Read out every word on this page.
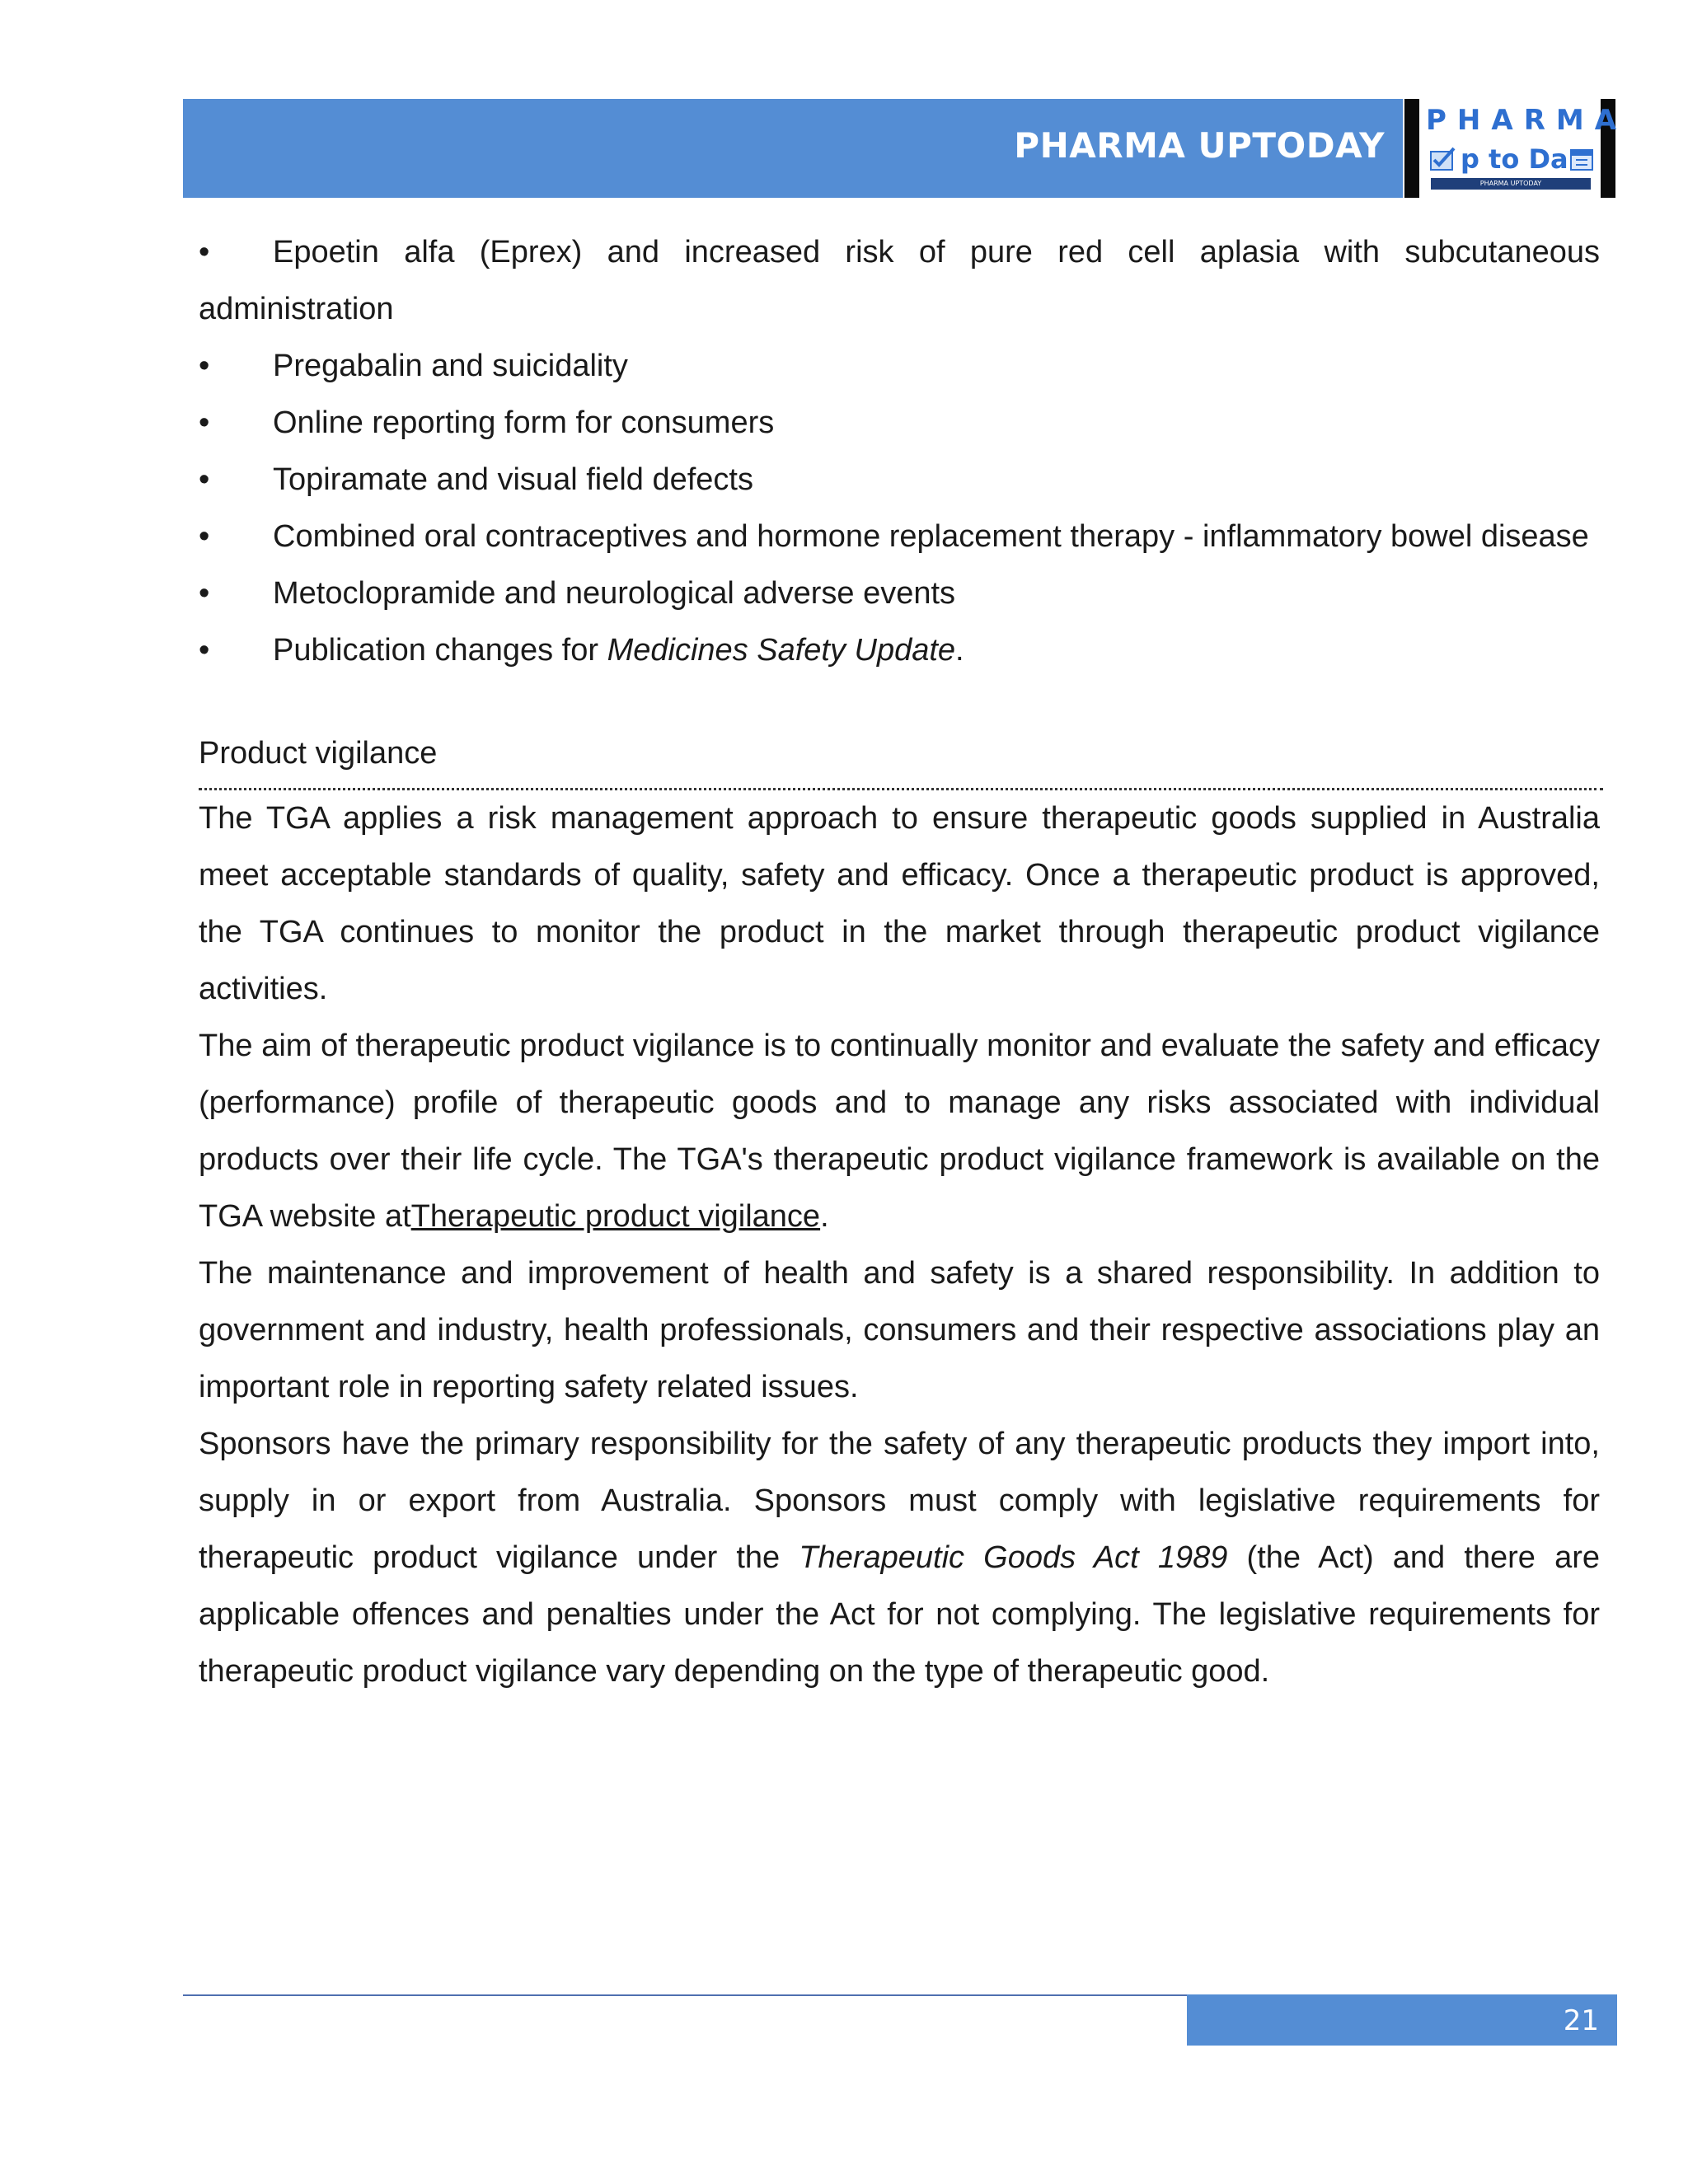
PHARMA UPTODAY
PHARMA
p to Da
PHARMA UPTODAY
• Epoetin alfa (Eprex) and increased risk of pure red cell aplasia with subcutaneous administration
• Pregabalin and suicidality
• Online reporting form for consumers
• Topiramate and visual field defects
• Combined oral contraceptives and hormone replacement therapy - inflammatory bowel disease
• Metoclopramide and neurological adverse events
• Publication changes for Medicines Safety Update.
Product vigilance

The TGA applies a risk management approach to ensure therapeutic goods supplied in Australia meet acceptable standards of quality, safety and efficacy. Once a therapeutic product is approved, the TGA continues to monitor the product in the market through therapeutic product vigilance activities.

The aim of therapeutic product vigilance is to continually monitor and evaluate the safety and efficacy (performance) profile of therapeutic goods and to manage any risks associated with individual products over their life cycle. The TGA's therapeutic product vigilance framework is available on the TGA website atTherapeutic product vigilance.

The maintenance and improvement of health and safety is a shared responsibility. In addition to government and industry, health professionals, consumers and their respective associations play an important role in reporting safety related issues.

Sponsors have the primary responsibility for the safety of any therapeutic products they import into, supply in or export from Australia. Sponsors must comply with legislative requirements for therapeutic product vigilance under the Therapeutic Goods Act 1989 (the Act) and there are applicable offences and penalties under the Act for not complying. The legislative requirements for therapeutic product vigilance vary depending on the type of therapeutic good.

21
